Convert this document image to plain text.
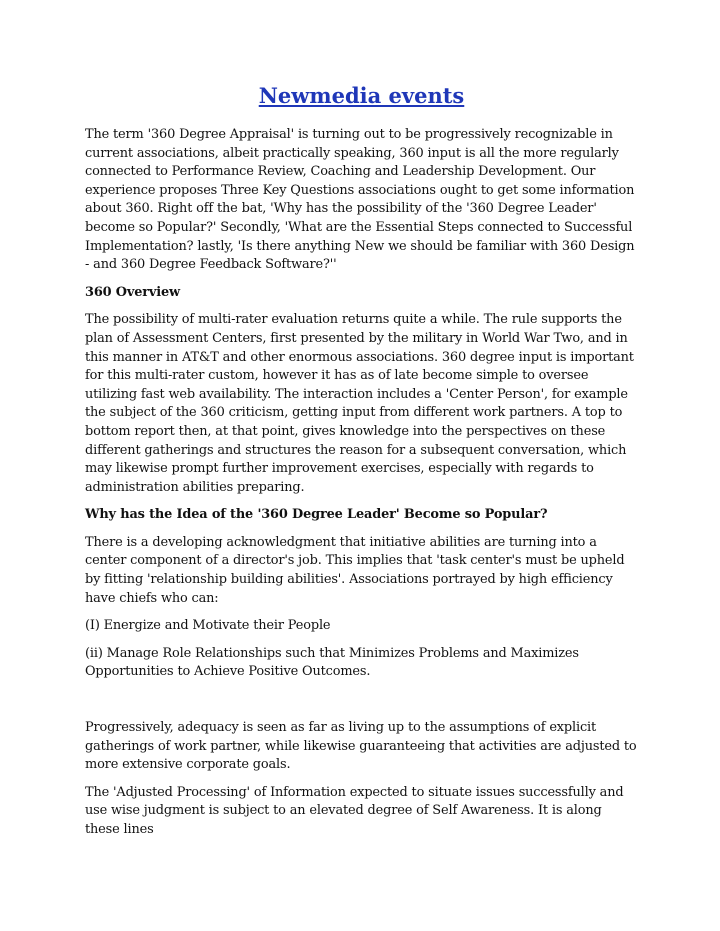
Newmedia events

The term '360 Degree Appraisal' is turning out to be progressively recognizable in current associations, albeit practically speaking, 360 input is all the more regularly connected to Performance Review, Coaching and Leadership Development. Our experience proposes Three Key Questions associations ought to get some information about 360. Right off the bat, 'Why has the possibility of the '360 Degree Leader' become so Popular?' Secondly, 'What are the Essential Steps connected to Successful Implementation? lastly, 'Is there anything New we should be familiar with 360 Design - and 360 Degree Feedback Software?''

360 Overview

The possibility of multi-rater evaluation returns quite a while. The rule supports the plan of Assessment Centers, first presented by the military in World War Two, and in this manner in AT&T and other enormous associations. 360 degree input is important for this multi-rater custom, however it has as of late become simple to oversee utilizing fast web availability. The interaction includes a 'Center Person', for example the subject of the 360 criticism, getting input from different work partners. A top to bottom report then, at that point, gives knowledge into the perspectives on these different gatherings and structures the reason for a subsequent conversation, which may likewise prompt further improvement exercises, especially with regards to administration abilities preparing.

Why has the Idea of the '360 Degree Leader' Become so Popular?

There is a developing acknowledgment that initiative abilities are turning into a center component of a director's job. This implies that 'task center's must be upheld by fitting 'relationship building abilities'. Associations portrayed by high efficiency have chiefs who can:

(I) Energize and Motivate their People

(ii) Manage Role Relationships such that Minimizes Problems and Maximizes Opportunities to Achieve Positive Outcomes.

Progressively, adequacy is seen as far as living up to the assumptions of explicit gatherings of work partner, while likewise guaranteeing that activities are adjusted to more extensive corporate goals.

The 'Adjusted Processing' of Information expected to situate issues successfully and use wise judgment is subject to an elevated degree of Self Awareness. It is along these lines
